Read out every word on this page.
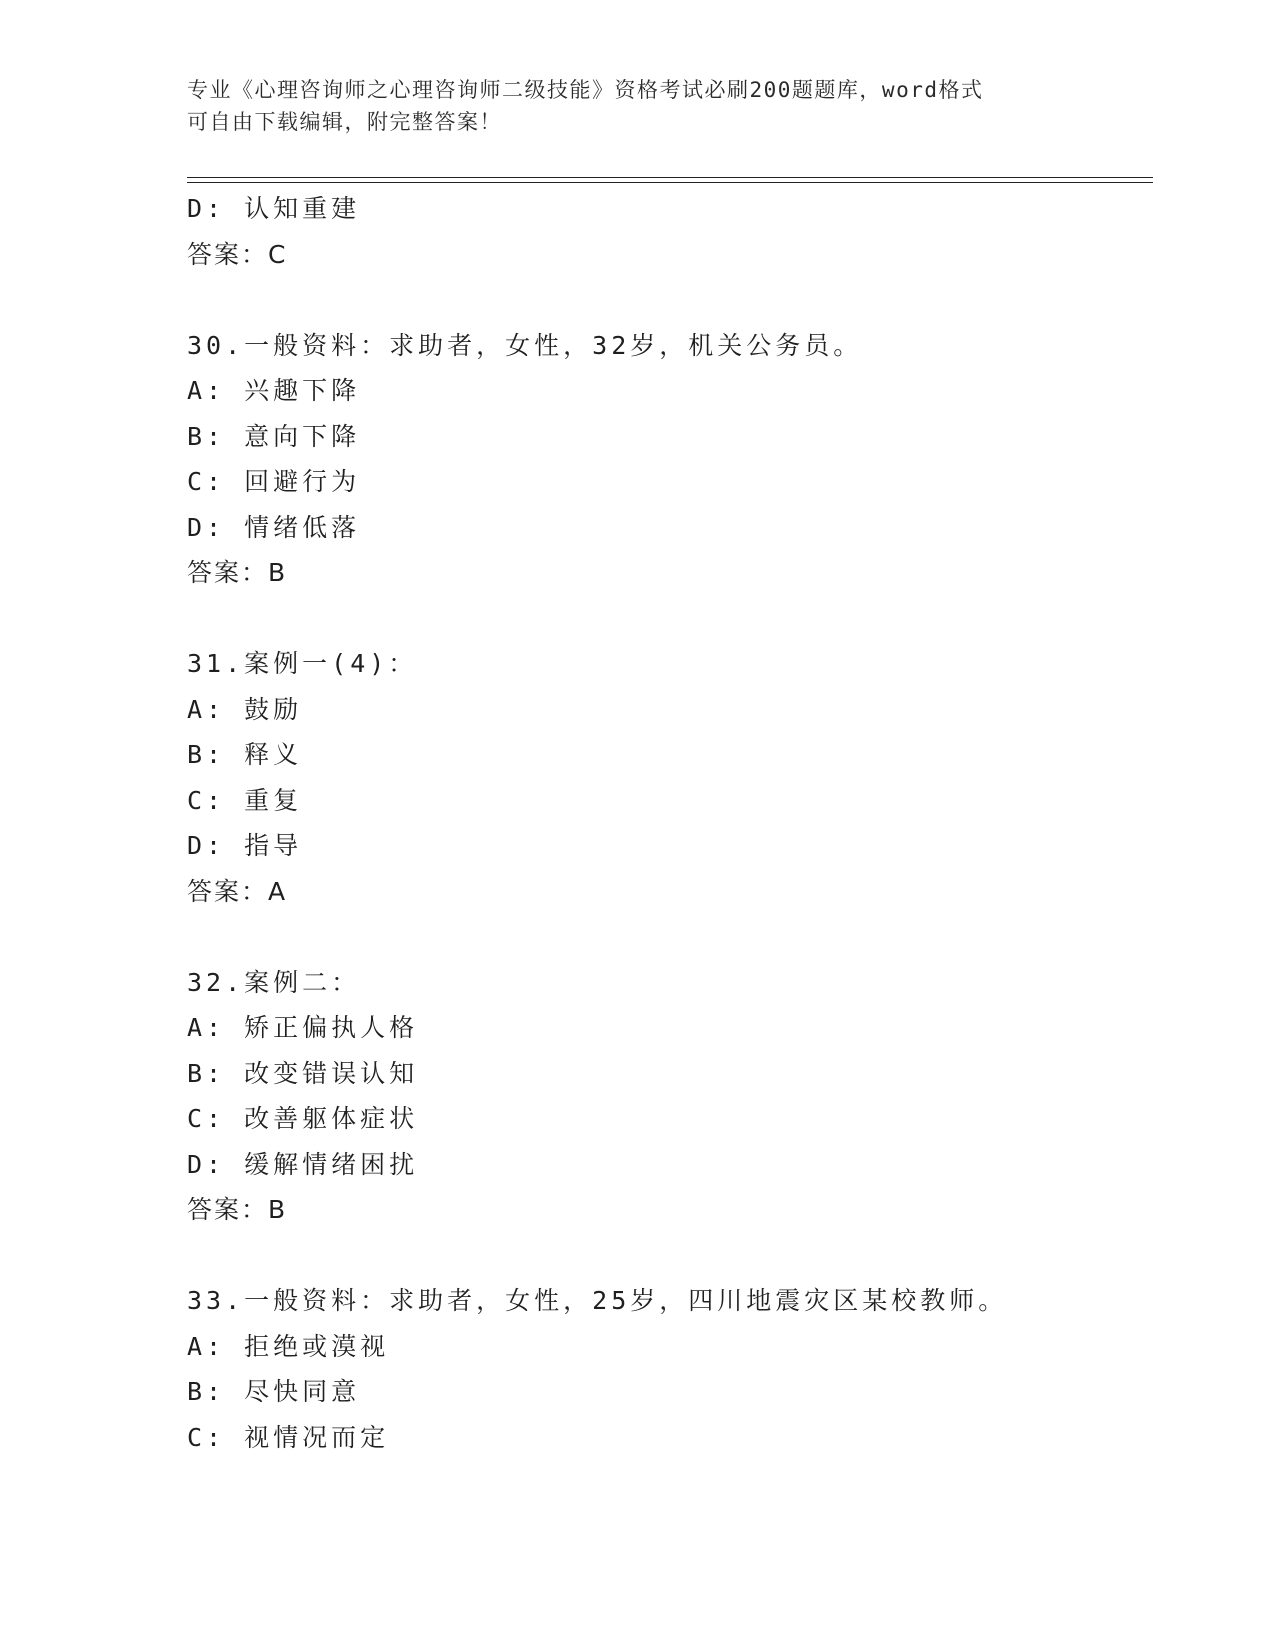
专业《心理咨询师之心理咨询师二级技能》资格考试必刷200题题库，word格式
可自由下载编辑，附完整答案！
D: 认知重建
答案：C
30.一般资料：求助者，女性，32岁，机关公务员。
A: 兴趣下降
B: 意向下降
C: 回避行为
D: 情绪低落
答案：B
31.案例一(4)：
A: 鼓励
B: 释义
C: 重复
D: 指导
答案：A
32.案例二：
A: 矫正偏执人格
B: 改变错误认知
C: 改善躯体症状
D: 缓解情绪困扰
答案：B
33.一般资料：求助者，女性，25岁，四川地震灾区某校教师。
A: 拒绝或漠视
B: 尽快同意
C: 视情况而定
